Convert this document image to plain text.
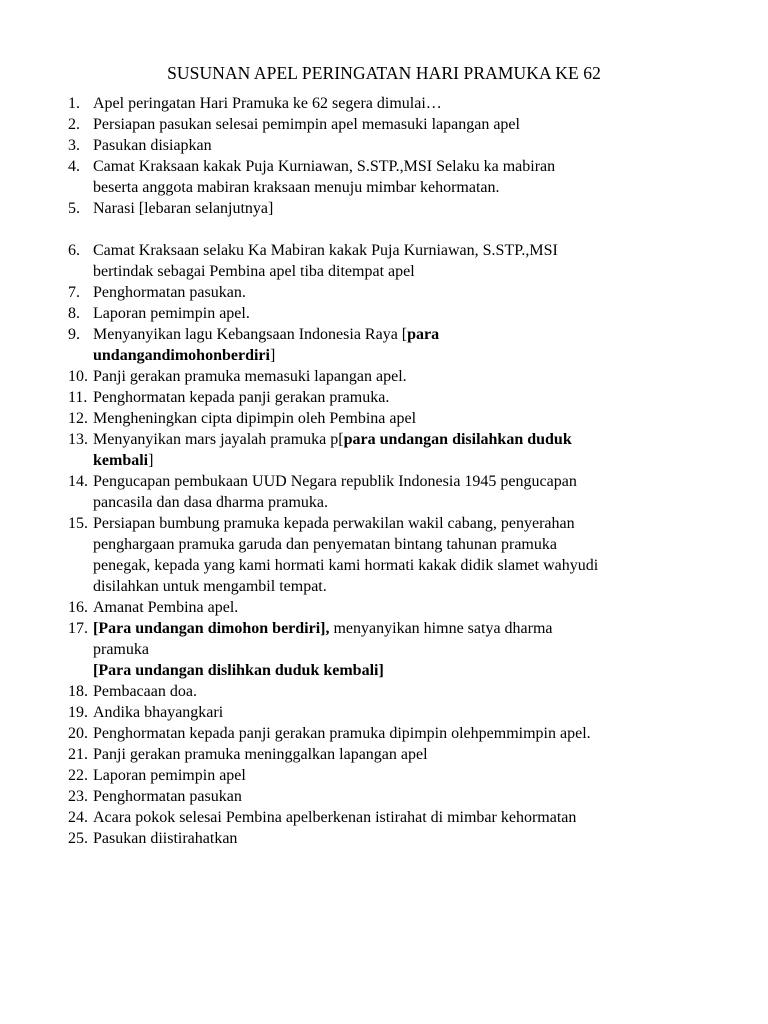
SUSUNAN APEL PERINGATAN HARI PRAMUKA KE 62
1. Apel peringatan Hari Pramuka ke 62 segera dimulai…
2. Persiapan pasukan selesai pemimpin apel memasuki lapangan apel
3. Pasukan disiapkan
4. Camat Kraksaan kakak Puja Kurniawan, S.STP.,MSI Selaku ka mabiran
beserta anggota mabiran kraksaan menuju mimbar kehormatan.
5. Narasi [lebaran selanjutnya]
6. Camat Kraksaan selaku Ka Mabiran kakak Puja Kurniawan, S.STP.,MSI
bertindak sebagai Pembina apel tiba ditempat apel
7. Penghormatan pasukan.
8. Laporan pemimpin apel.
9. Menyanyikan lagu Kebangsaan Indonesia Raya [para
undangandimohonberdiri]
10. Panji gerakan pramuka memasuki lapangan apel.
11. Penghormatan kepada panji gerakan pramuka.
12. Mengheningkan cipta dipimpin oleh Pembina apel
13. Menyanyikan mars jayalah pramuka p[para undangan disilahkan duduk
kembali]
14. Pengucapan pembukaan UUD Negara republik Indonesia 1945 pengucapan
pancasila dan dasa dharma pramuka.
15. Persiapan bumbung pramuka kepada perwakilan wakil cabang, penyerahan
penghargaan pramuka garuda dan penyematan bintang tahunan pramuka
penegak, kepada yang kami hormati kami hormati kakak didik slamet wahyudi
disilahkan untuk mengambil tempat.
16. Amanat Pembina apel.
17. [Para undangan dimohon berdiri], menyanyikan himne satya dharma
pramuka
[Para undangan dislihkan duduk kembali]
18. Pembacaan doa.
19. Andika bhayangkari
20. Penghormatan kepada panji gerakan pramuka dipimpin olehpemmimpin apel.
21. Panji gerakan pramuka meninggalkan lapangan apel
22. Laporan pemimpin apel
23. Penghormatan pasukan
24. Acara pokok selesai Pembina apelberkenan istirahat di mimbar kehormatan
25. Pasukan diistirahatkan
